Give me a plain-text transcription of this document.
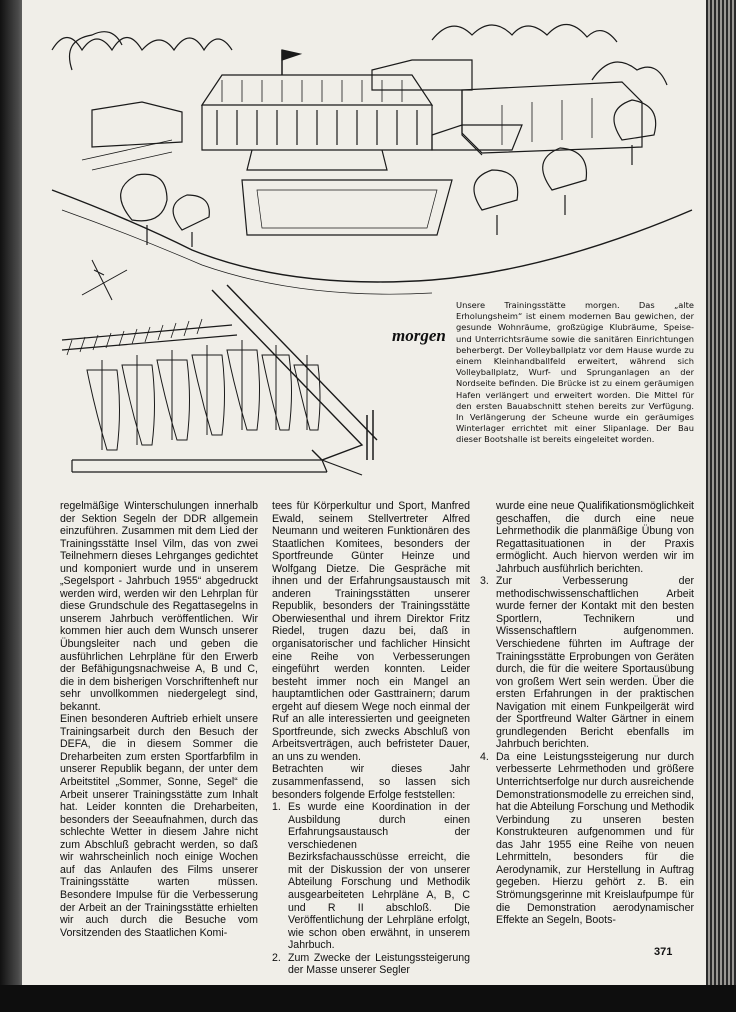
morgen
Unsere Trainingsstätte morgen. Das „alte Erholungsheim“ ist einem modernen Bau gewichen, der gesunde Wohnräume, großzügige Klubräume, Speise- und Unterrichtsräume sowie die sanitären Einrichtungen beherbergt. Der Volleyballplatz vor dem Hause wurde zu einem Kleinhandballfeld erweitert, während sich Volleyballplatz, Wurf- und Sprunganlagen an der Nordseite befinden. Die Brücke ist zu einem geräumigen Hafen verlängert und erweitert worden. Die Mittel für den ersten Bauabschnitt stehen bereits zur Verfügung. In Verlängerung der Scheune wurde ein geräumiges Winterlager errichtet mit einer Slipanlage. Der Bau dieser Bootshalle ist bereits eingeleitet worden.

regelmäßige Winterschulungen innerhalb der Sektion Segeln der DDR allgemein einzuführen. Zusammen mit dem Lied der Trainingsstätte Insel Vilm, das von zwei Teilnehmern dieses Lehrganges gedichtet und komponiert wurde und in unserem „Segelsport - Jahrbuch 1955“ abgedruckt werden wird, werden wir den Lehrplan für diese Grundschule des Regattasegelns in unserem Jahrbuch veröffentlichen. Wir kommen hier auch dem Wunsch unserer Übungsleiter nach und geben die ausführlichen Lehrpläne für den Erwerb der Befähigungsnachweise A, B und C, die in dem bisherigen Vorschriftenheft nur sehr unvollkommen niedergelegt sind, bekannt.

Einen besonderen Auftrieb erhielt unsere Trainingsarbeit durch den Besuch der DEFA, die in diesem Sommer die Dreharbeiten zum ersten Sportfarbfilm in unserer Republik begann, der unter dem Arbeitstitel „Sommer, Sonne, Segel“ die Arbeit unserer Trainingsstätte zum Inhalt hat. Leider konnten die Dreharbeiten, besonders der Seeaufnahmen, durch das schlechte Wetter in diesem Jahre nicht zum Abschluß gebracht werden, so daß wir wahrscheinlich noch einige Wochen auf das Anlaufen des Films unserer Trainingsstätte warten müssen. Besondere Impulse für die Verbesserung der Arbeit an der Trainingsstätte erhielten wir auch durch die Besuche vom Vorsitzenden des Staatlichen Komi-

tees für Körperkultur und Sport, Manfred Ewald, seinem Stellvertreter Alfred Neumann und weiteren Funktionären des Staatlichen Komitees, besonders der Sportfreunde Günter Heinze und Wolfgang Dietze. Die Gespräche mit ihnen und der Erfahrungsaustausch mit anderen Trainingsstätten unserer Republik, besonders der Trainingsstätte Oberwiesenthal und ihrem Direktor Fritz Riedel, trugen dazu bei, daß in organisatorischer und fachlicher Hinsicht eine Reihe von Verbesserungen eingeführt werden konnten. Leider besteht immer noch ein Mangel an hauptamtlichen oder Gasttrainern; darum ergeht auf diesem Wege noch einmal der Ruf an alle interessierten und geeigneten Sportfreunde, sich zwecks Abschluß von Arbeitsverträgen, auch befristeter Dauer, an uns zu wenden.

Betrachten wir dieses Jahr zusammenfassend, so lassen sich besonders folgende Erfolge feststellen:

1. Es wurde eine Koordination in der Ausbildung durch einen Erfahrungsaustausch der verschiedenen Bezirksfachausschüsse erreicht, die mit der Diskussion der von unserer Abteilung Forschung und Methodik ausgearbeiteten Lehrpläne A, B, C und R II abschloß. Die Veröffentlichung der Lehrpläne erfolgt, wie schon oben erwähnt, in unserem Jahrbuch.
2. Zum Zwecke der Leistungssteigerung der Masse unserer Segler

wurde eine neue Qualifikationsmöglichkeit geschaffen, die durch eine neue Lehrmethodik die planmäßige Übung von Regattasituationen in der Praxis ermöglicht. Auch hiervon werden wir im Jahrbuch ausführlich berichten.

3. Zur Verbesserung der methodischwissenschaftlichen Arbeit wurde ferner der Kontakt mit den besten Sportlern, Technikern und Wissenschaftlern aufgenommen. Verschiedene führten im Auftrage der Trainingsstätte Erprobungen von Geräten durch, die für die weitere Sportausübung von großem Wert sein werden. Über die ersten Erfahrungen in der praktischen Navigation mit einem Funkpeilgerät wird der Sportfreund Walter Gärtner in einem grundlegenden Bericht ebenfalls im Jahrbuch berichten.
4. Da eine Leistungssteigerung nur durch verbesserte Lehrmethoden und größere Unterrichtserfolge nur durch ausreichende Demonstrationsmodelle zu erreichen sind, hat die Abteilung Forschung und Methodik Verbindung zu unseren besten Konstrukteuren aufgenommen und für das Jahr 1955 eine Reihe von neuen Lehrmitteln, besonders für die Aerodynamik, zur Herstellung in Auftrag gegeben. Hierzu gehört z. B. ein Strömungsgerinne mit Kreislaufpumpe für die Demonstration aerodynamischer Effekte an Segeln, Boots-
371
